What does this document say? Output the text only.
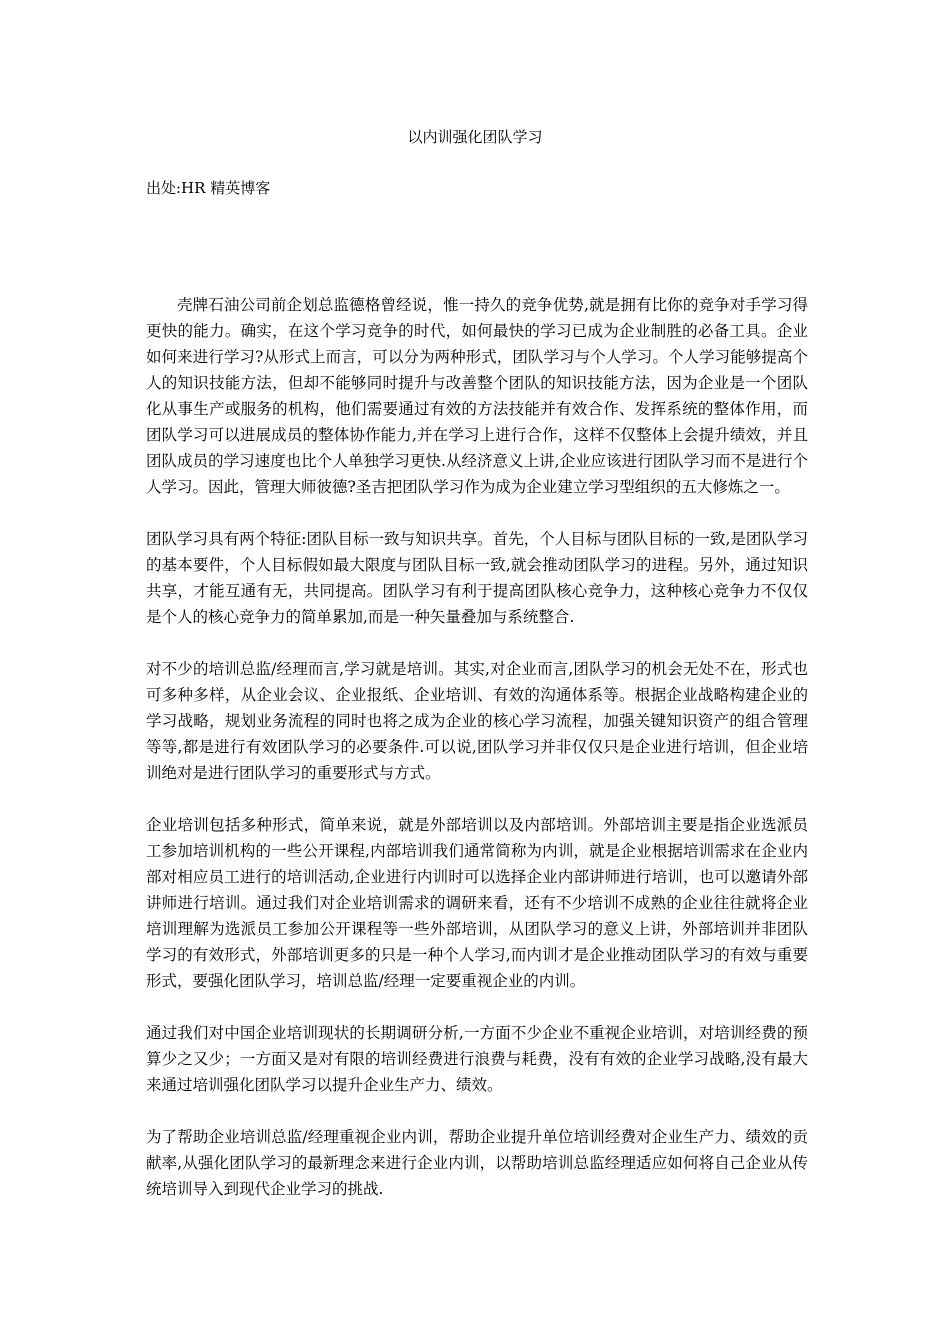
以内训强化团队学习
出处:HR 精英博客

壳牌石油公司前企划总监德格曾经说，惟一持久的竞争优势,就是拥有比你的竞争对手学习得更快的能力。确实，在这个学习竞争的时代，如何最快的学习已成为企业制胜的必备工具。企业如何来进行学习?从形式上而言，可以分为两种形式，团队学习与个人学习。个人学习能够提高个人的知识技能方法，但却不能够同时提升与改善整个团队的知识技能方法，因为企业是一个团队化从事生产或服务的机构，他们需要通过有效的方法技能并有效合作、发挥系统的整体作用，而团队学习可以进展成员的整体协作能力,并在学习上进行合作，这样不仅整体上会提升绩效，并且团队成员的学习速度也比个人单独学习更快.从经济意义上讲,企业应该进行团队学习而不是进行个人学习。因此，管理大师彼德?圣吉把团队学习作为成为企业建立学习型组织的五大修炼之一。

团队学习具有两个特征:团队目标一致与知识共享。首先，个人目标与团队目标的一致,是团队学习的基本要件，个人目标假如最大限度与团队目标一致,就会推动团队学习的进程。另外，通过知识共享，才能互通有无，共同提高。团队学习有利于提高团队核心竞争力，这种核心竞争力不仅仅是个人的核心竞争力的简单累加,而是一种矢量叠加与系统整合.

对不少的培训总监/经理而言,学习就是培训。其实,对企业而言,团队学习的机会无处不在，形式也可多种多样，从企业会议、企业报纸、企业培训、有效的沟通体系等。根据企业战略构建企业的学习战略，规划业务流程的同时也将之成为企业的核心学习流程，加强关键知识资产的组合管理等等,都是进行有效团队学习的必要条件.可以说,团队学习并非仅仅只是企业进行培训，但企业培训绝对是进行团队学习的重要形式与方式。

企业培训包括多种形式，简单来说，就是外部培训以及内部培训。外部培训主要是指企业选派员工参加培训机构的一些公开课程,内部培训我们通常简称为内训，就是企业根据培训需求在企业内部对相应员工进行的培训活动,企业进行内训时可以选择企业内部讲师进行培训，也可以邀请外部讲师进行培训。通过我们对企业培训需求的调研来看，还有不少培训不成熟的企业往往就将企业培训理解为选派员工参加公开课程等一些外部培训，从团队学习的意义上讲，外部培训并非团队学习的有效形式，外部培训更多的只是一种个人学习,而内训才是企业推动团队学习的有效与重要形式，要强化团队学习，培训总监/经理一定要重视企业的内训。

通过我们对中国企业培训现状的长期调研分析,一方面不少企业不重视企业培训，对培训经费的预算少之又少；一方面又是对有限的培训经费进行浪费与耗费，没有有效的企业学习战略,没有最大来通过培训强化团队学习以提升企业生产力、绩效。

为了帮助企业培训总监/经理重视企业内训，帮助企业提升单位培训经费对企业生产力、绩效的贡献率,从强化团队学习的最新理念来进行企业内训，以帮助培训总监经理适应如何将自己企业从传统培训导入到现代企业学习的挑战.
